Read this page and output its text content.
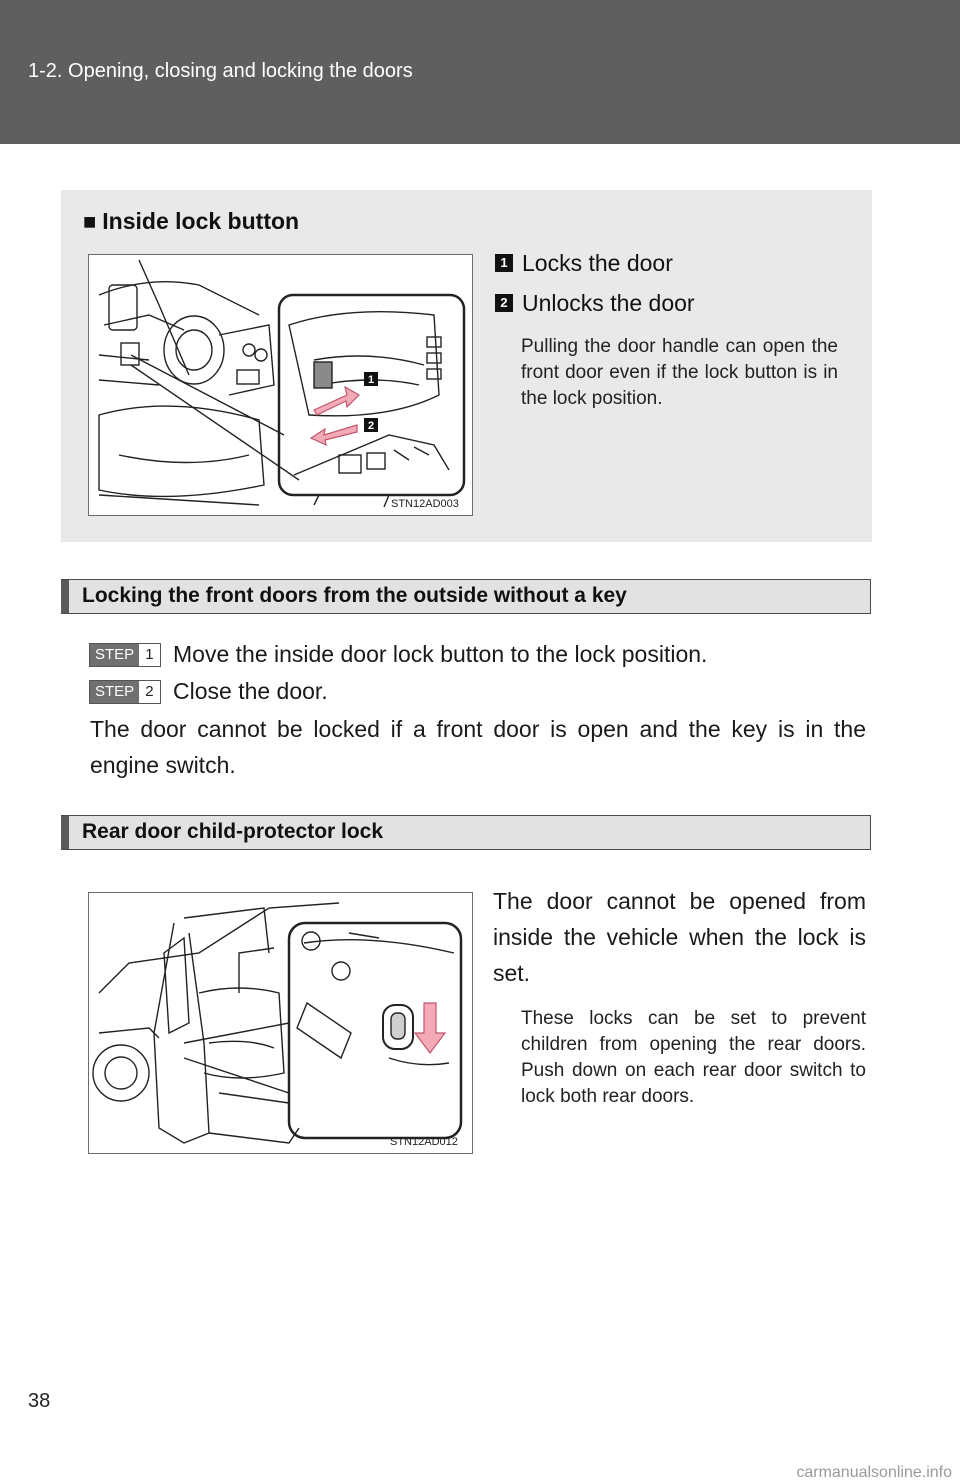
1-2. Opening, closing and locking the doors
■ Inside lock button
1
2
STN12AD003
1 Locks the door
2 Unlocks the door
Pulling the door handle can open the front door even if the lock button is in the lock position.
Locking the front doors from the outside without a key
STEP 1 Move the inside door lock button to the lock position.
STEP 2 Close the door.
The door cannot be locked if a front door is open and the key is in the engine switch.
Rear door child-protector lock
STN12AD012
The door cannot be opened from inside the vehicle when the lock is set.
These locks can be set to prevent children from opening the rear doors. Push down on each rear door switch to lock both rear doors.
38
carmanualsonline.info
